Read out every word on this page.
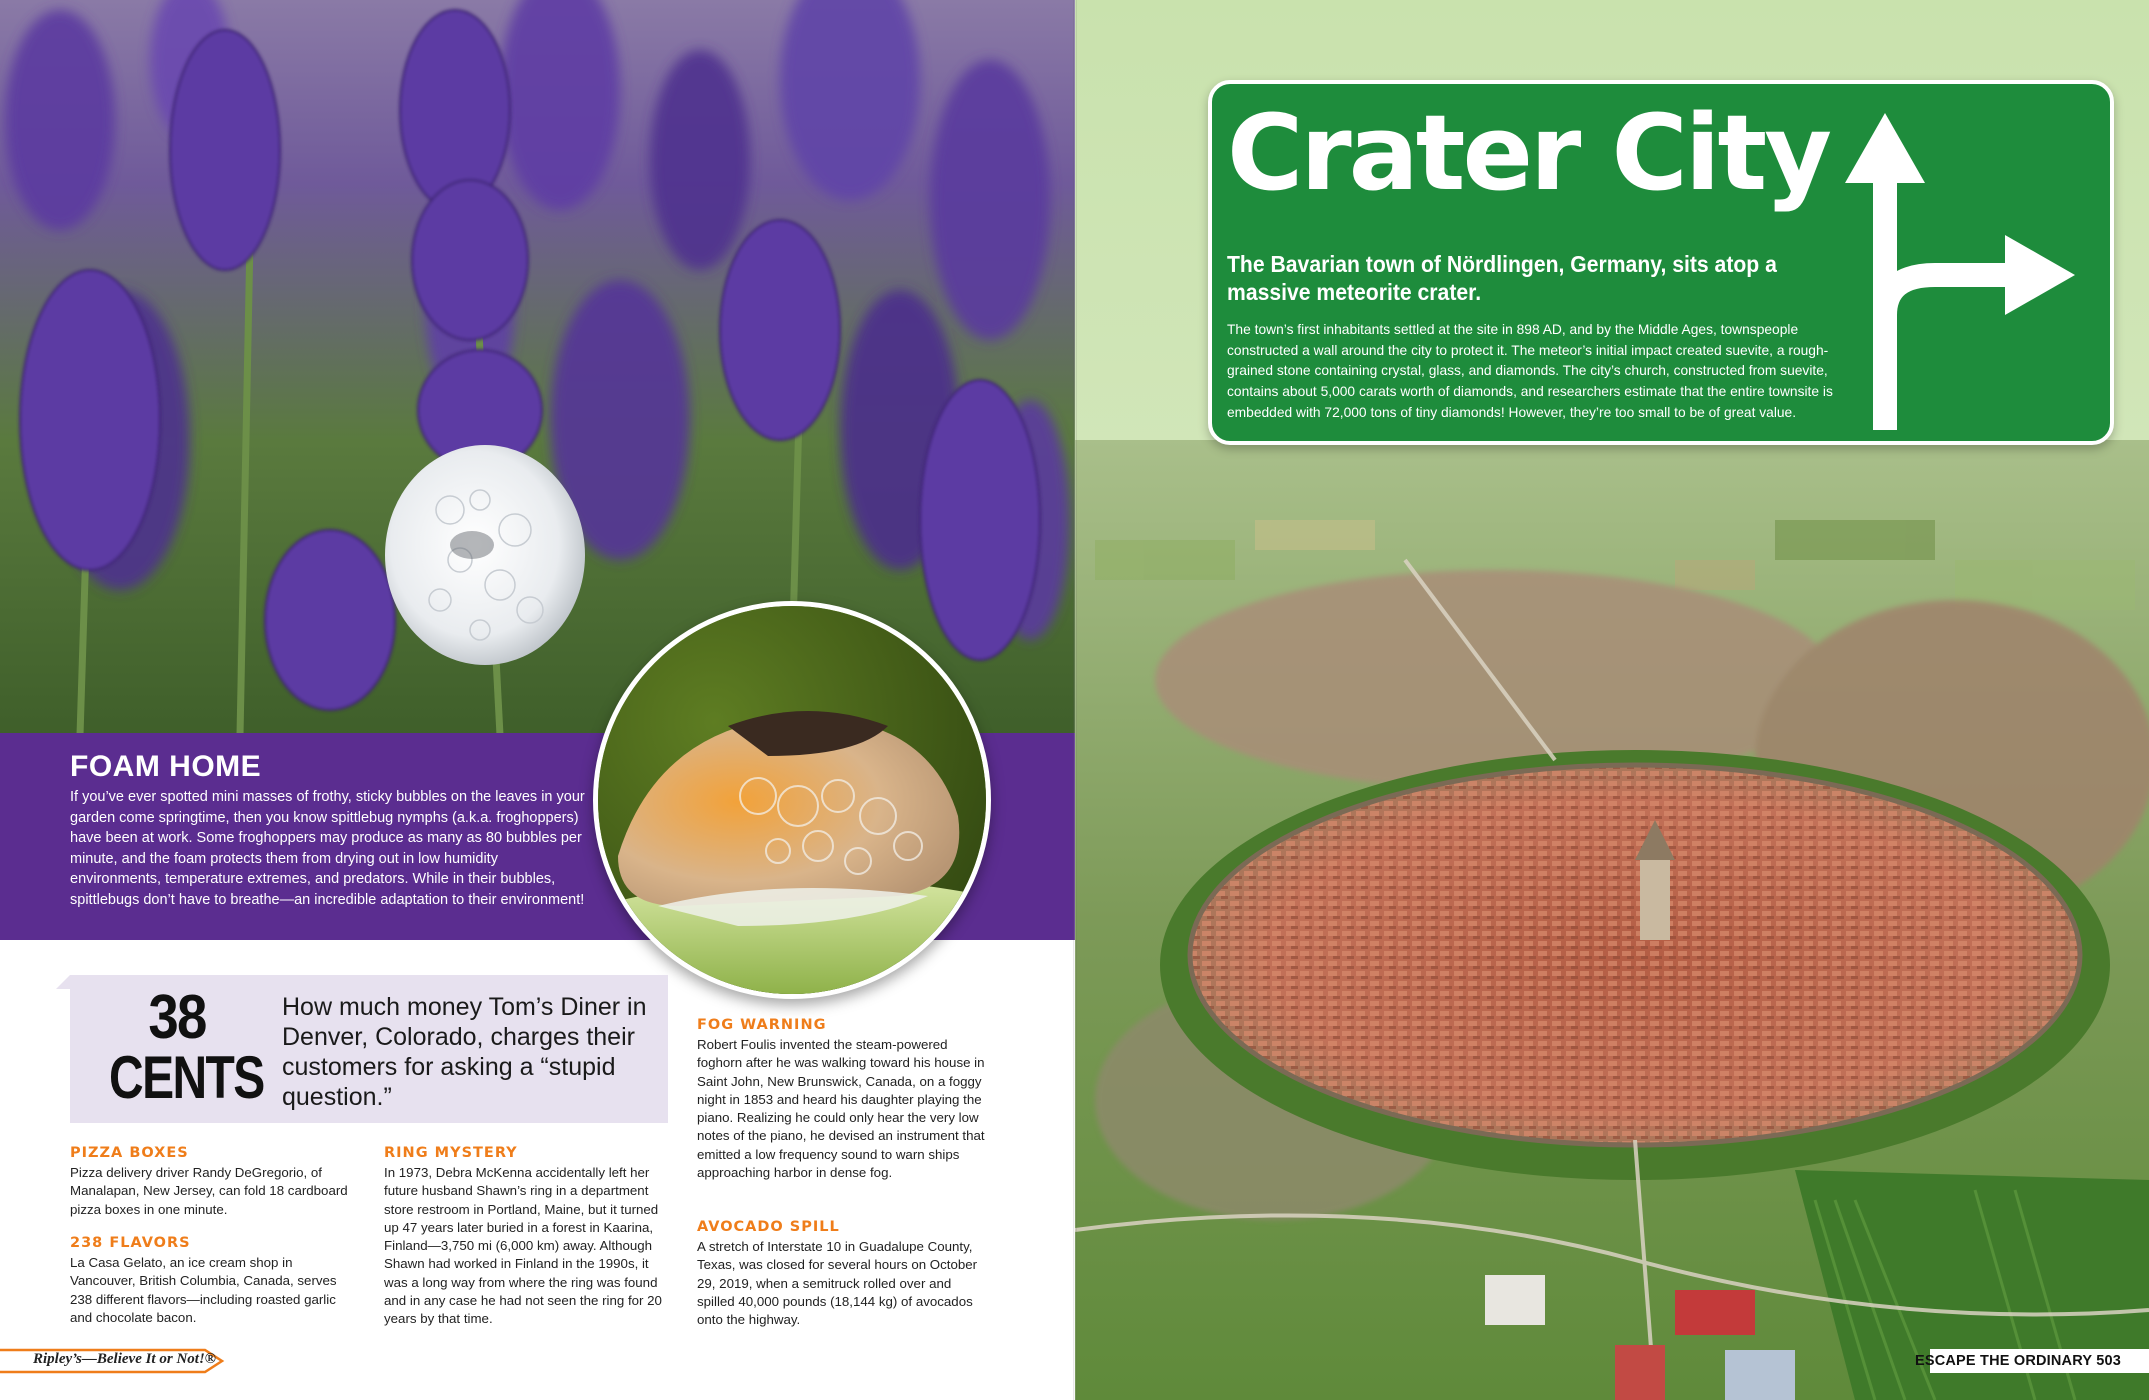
FOAM HOME
If you’ve ever spotted mini masses of frothy, sticky bubbles on the leaves in your garden come springtime, then you know spittlebug nymphs (a.k.a. froghoppers) have been at work. Some froghoppers may produce as many as 80 bubbles per minute, and the foam protects them from drying out in low humidity environments, temperature extremes, and predators. While in their bubbles, spittlebugs don’t have to breathe—an incredible adaptation to their environment!
38
CENTS
How much money Tom’s Diner in Denver, Colorado, charges their customers for asking a “stupid question.”
PIZZA BOXES
Pizza delivery driver Randy DeGregorio, of Manalapan, New Jersey, can fold 18 cardboard pizza boxes in one minute.
238 FLAVORS
La Casa Gelato, an ice cream shop in Vancouver, British Columbia, Canada, serves 238 different flavors—including roasted garlic and chocolate bacon.
RING MYSTERY
In 1973, Debra McKenna accidentally left her future husband Shawn’s ring in a department store restroom in Portland, Maine, but it turned up 47 years later buried in a forest in Kaarina, Finland—3,750 mi (6,000 km) away. Although Shawn had worked in Finland in the 1990s, it was a long way from where the ring was found and in any case he had not seen the ring for 20 years by that time.
FOG WARNING
Robert Foulis invented the steam-powered foghorn after he was walking toward his house in Saint John, New Brunswick, Canada, on a foggy night in 1853 and heard his daughter playing the piano. Realizing he could only hear the very low notes of the piano, he devised an instrument that emitted a low frequency sound to warn ships approaching harbor in dense fog.
AVOCADO SPILL
A stretch of Interstate 10 in Guadalupe County, Texas, was closed for several hours on October 29, 2019, when a semitruck rolled over and spilled 40,000 pounds (18,144 kg) of avocados onto the highway.
Ripley’s—Believe It or Not!®
Crater City
The Bavarian town of Nördlingen, Germany, sits atop a massive meteorite crater.
The town’s first inhabitants settled at the site in 898 AD, and by the Middle Ages, townspeople constructed a wall around the city to protect it. The meteor’s initial impact created suevite, a rough-grained stone containing crystal, glass, and diamonds. The city’s church, constructed from suevite, contains about 5,000 carats worth of diamonds, and researchers estimate that the entire townsite is embedded with 72,000 tons of tiny diamonds! However, they’re too small to be of great value.
ESCAPE THE ORDINARY 503
